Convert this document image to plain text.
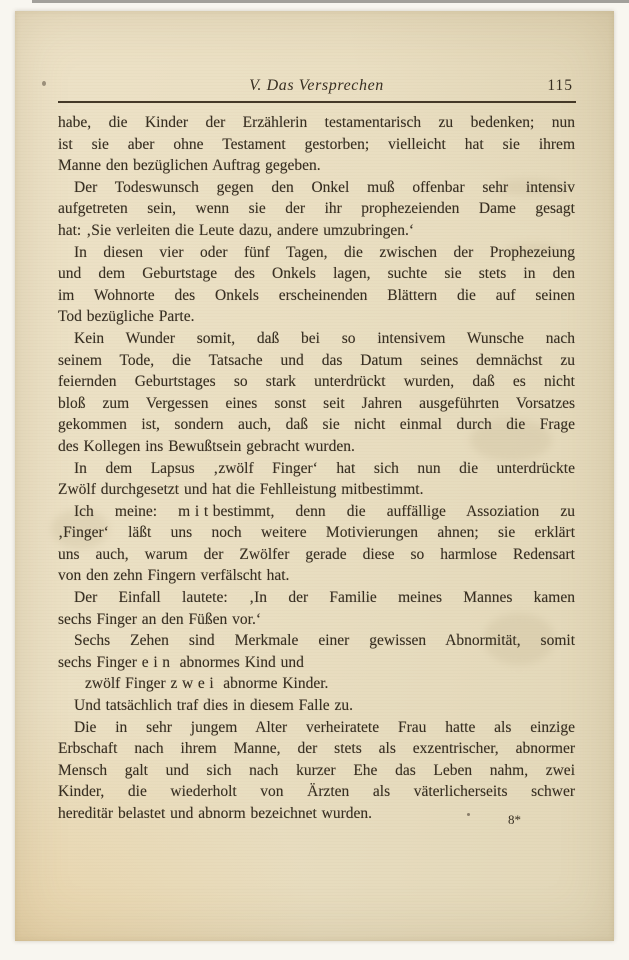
V. Das Versprechen	115
habe, die Kinder der Erzählerin testamentarisch zu bedenken; nun
ist sie aber ohne Testament gestorben; vielleicht hat sie ihrem
Manne den bezüglichen Auftrag gegeben.
Der Todeswunsch gegen den Onkel muß offenbar sehr intensiv
aufgetreten sein, wenn sie der ihr prophezeienden Dame gesagt
hat: ‚Sie verleiten die Leute dazu, andere umzubringen.‘
In diesen vier oder fünf Tagen, die zwischen der Prophezeiung
und dem Geburtstage des Onkels lagen, suchte sie stets in den
im Wohnorte des Onkels erscheinenden Blättern die auf seinen
Tod bezügliche Parte.
Kein Wunder somit, daß bei so intensivem Wunsche nach
seinem Tode, die Tatsache und das Datum seines demnächst zu
feiernden Geburtstages so stark unterdrückt wurden, daß es nicht
bloß zum Vergessen eines sonst seit Jahren ausgeführten Vorsatzes
gekommen ist, sondern auch, daß sie nicht einmal durch die Frage
des Kollegen ins Bewußtsein gebracht wurden.
In dem Lapsus ‚zwölf Finger‘ hat sich nun die unterdrückte
Zwölf durchgesetzt und hat die Fehlleistung mitbestimmt.
Ich meine: mitbestimmt, denn die auffällige Assoziation zu
‚Finger‘ läßt uns noch weitere Motivierungen ahnen; sie erklärt
uns auch, warum der Zwölfer gerade diese so harmlose Redensart
von den zehn Fingern verfälscht hat.
Der Einfall lautete: ‚In der Familie meines Mannes kamen
sechs Finger an den Füßen vor.‘
Sechs Zehen sind Merkmale einer gewissen Abnormität, somit
sechs Finger ein abnormes Kind und
zwölf Finger zwei abnorme Kinder.
Und tatsächlich traf dies in diesem Falle zu.
Die in sehr jungem Alter verheiratete Frau hatte als einzige
Erbschaft nach ihrem Manne, der stets als exzentrischer, abnormer
Mensch galt und sich nach kurzer Ehe das Leben nahm, zwei
Kinder, die wiederholt von Ärzten als väterlicherseits schwer
hereditär belastet und abnorm bezeichnet wurden.	8*
